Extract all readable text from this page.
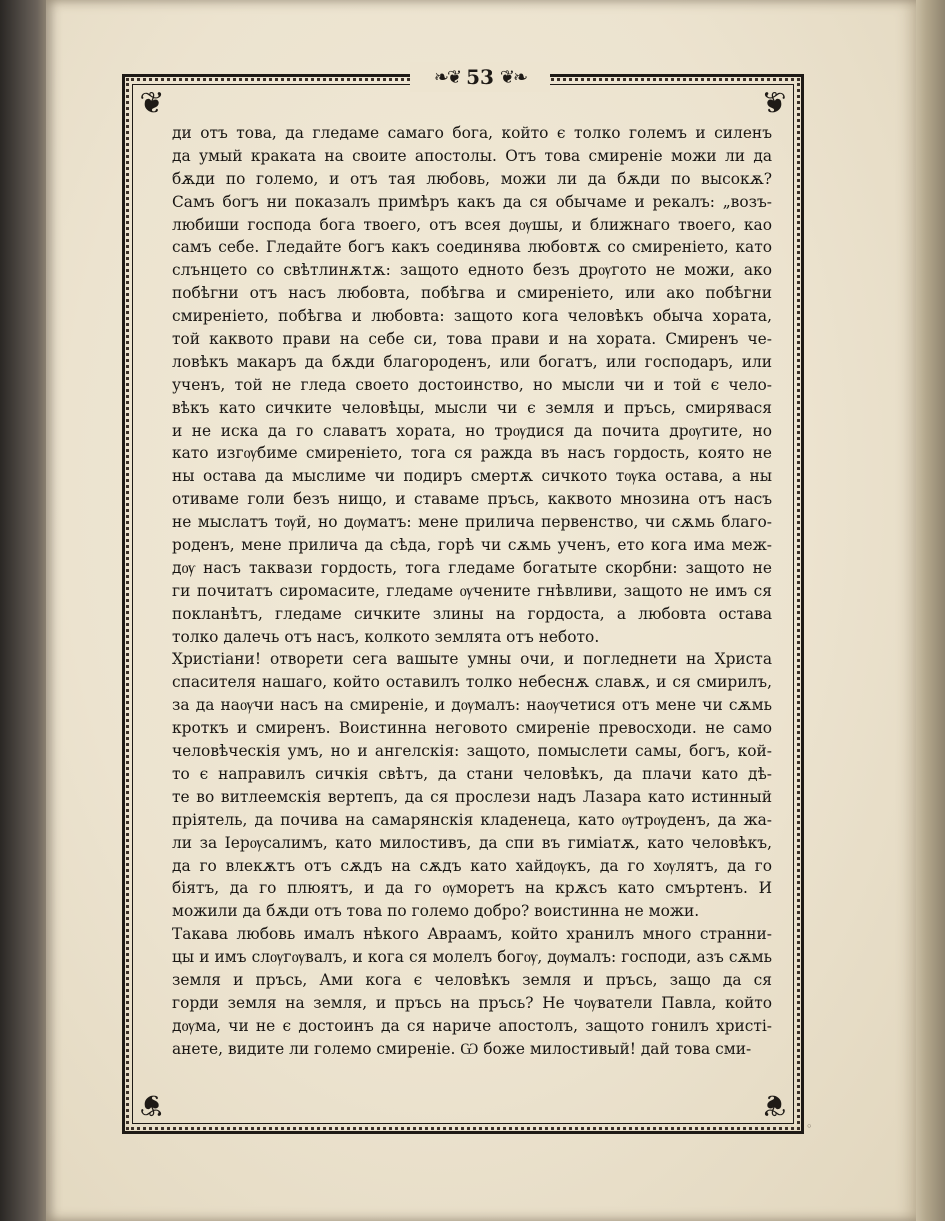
❦	❦
❦	❦
❧❦ 53 ❦❧
ди отъ това, да гледаме самаго бога, който є толко големъ и силенъ
да умый краката на своите апостолы. Отъ това смиреніе можи ли да
бѫди по големо, и отъ тая любовь, можи ли да бѫди по высокѫ?
Самъ богъ ни показалъ примѣръ какъ да ся обычаме и рекалъ: „возъ-
любиши господа бога твоего, отъ всея дѹшы, и ближнаго твоего, као
самъ себе. Гледайте богъ какъ соединява любовтѫ со смиреніето, като
слънцето со свѣтлинѫтѫ: защото едното безъ дрѹгото не можи, ако
побѣгни отъ насъ любовта, побѣгва и смиреніето, или ако побѣгни
смиреніето, побѣгва и любовта: защото кога человѣкъ обыча хората,
той каквото прави на себе си, това прави и на хората. Смиренъ че-
ловѣкъ макаръ да бѫди благороденъ, или богатъ, или господаръ, или
ученъ, той не гледа своето достоинство, но мысли чи и той є чело-
вѣкъ като сичките человѣцы, мысли чи є земля и пръсь, смирявася
и не иска да го славатъ хората, но трѹдися да почита дрѹгите, но
като изгѹбиме смиреніето, тога ся ражда въ насъ гордость, която не
ны остава да мыслиме чи подиръ смертѫ сичкото тѹка остава, а ны
отиваме голи безъ нищо, и ставаме пръсь, каквото мнозина отъ насъ
не мыслатъ тѹй, но дѹматъ: мене прилича первенство, чи сѫмь благо-
роденъ, мене прилича да сѣда, горѣ чи сѫмь ученъ, ето кога има меж-
дѹ насъ таквази гордость, тога гледаме богатыте скорбни: защото не
ги почитатъ сиромасите, гледаме ѹчените гнѣвливи, защото не имъ ся
покланѣтъ, гледаме сичките злины на гордоста, а любовта остава
толко далечь отъ насъ, колкото землята отъ небото.
Христіани! отворети сега вашыте умны очи, и погледнети на Христа
спасителя нашаго, който оставилъ толко небеснѫ славѫ, и ся смирилъ,
за да наѹчи насъ на смиреніе, и дѹмалъ: наѹчетися отъ мене чи сѫмь
кроткъ и смиренъ. Воистинна неговото смиреніе превосходи. не само
человѣческія умъ, но и ангелскія: защото, помыслети самы, богъ, кой-
то є направилъ сичкія свѣтъ, да стани человѣкъ, да плачи като дѣ-
те во витлеемскія вертепъ, да ся прослези надъ Лазара като истинный
пріятель, да почива на самарянскія кладенеца, като ѹтрѹденъ, да жа-
ли за Iерѹсалимъ, като милостивъ, да спи въ гиміатѫ, като человѣкъ,
да го влекѫтъ отъ сѫдъ на сѫдъ като хайдѹкъ, да го хѹлятъ, да го
біятъ, да го плюятъ, и да го ѹморетъ на крѫсъ като смъртенъ. И
можили да бѫди отъ това по големо добро? воистинна не можи.
Такава любовь ималъ нѣкого Авраамъ, който хранилъ много странни-
цы и имъ слѹгѹвалъ, и кога ся молелъ богѹ, дѹмалъ: господи, азъ сѫмь
земля и пръсь, Ами кога є человѣкъ земля и пръсь, защо да ся
горди земля на земля, и пръсь на пръсь? Не чѹватели Павла, който
дѹма, чи не є достоинъ да ся нариче апостолъ, защото гонилъ христі-
анете, видите ли големо смиреніе. Ѡ боже милостивый! дай това сми-
◦
